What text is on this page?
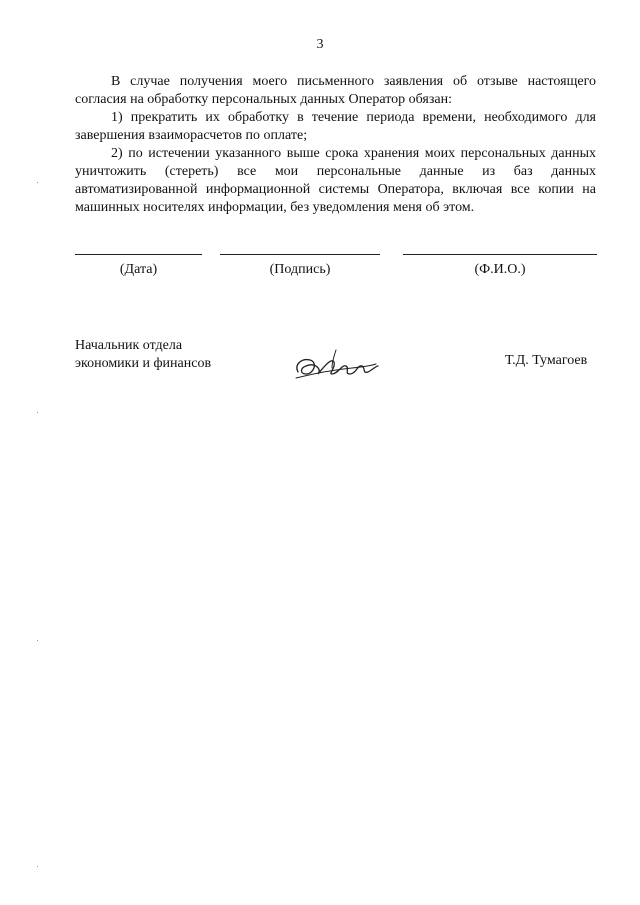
3

В случае получения моего письменного заявления об отзыве настоящего согласия на обработку персональных данных Оператор обязан:

1) прекратить их обработку в течение периода времени, необходимого для завершения взаиморасчетов по оплате;

2) по истечении указанного выше срока хранения моих персональных данных уничтожить (стереть) все мои персональные данные из баз данных автоматизированной информационной системы Оператора, включая все копии на машинных носителях информации, без уведомления меня об этом.

(Дата)	(Подпись)	(Ф.И.О.)
Начальник отдела
экономики и финансов	Т.Д. Тумагоев
